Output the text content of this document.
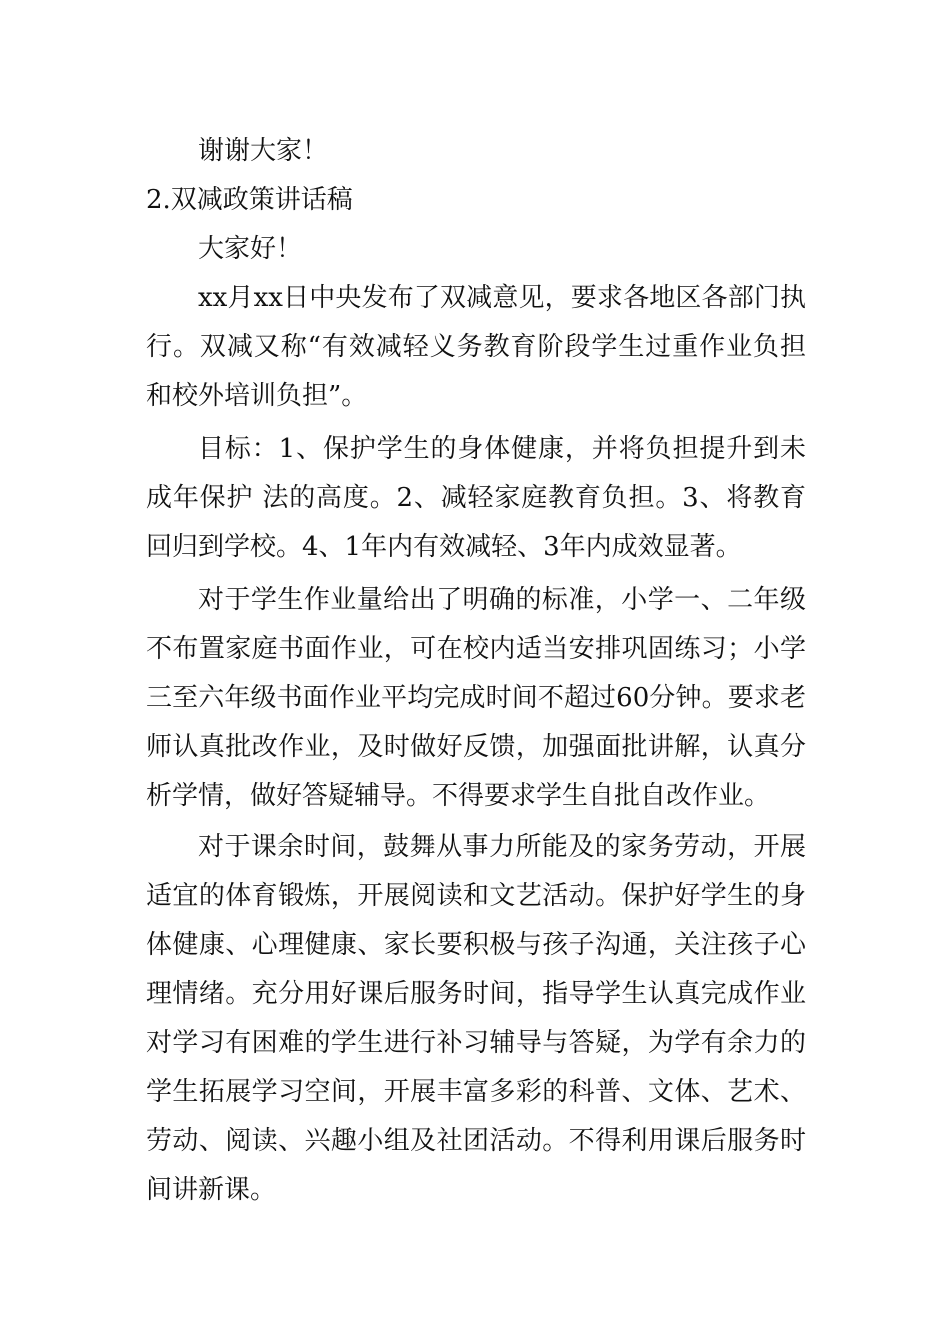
谢谢大家！

2.双减政策讲话稿

大家好！

xx月xx日中央发布了双减意见，要求各地区各部门执行。双减又称“有效减轻义务教育阶段学生过重作业负担和校外培训负担”。

目标：1、保护学生的身体健康，并将负担提升到未成年保护 法的高度。2、减轻家庭教育负担。3、将教育回归到学校。4、1年内有效减轻、3年内成效显著。

对于学生作业量给出了明确的标准，小学一、二年级不布置家庭书面作业，可在校内适当安排巩固练习；小学三至六年级书面作业平均完成时间不超过60分钟。要求老师认真批改作业，及时做好反馈，加强面批讲解，认真分析学情，做好答疑辅导。不得要求学生自批自改作业。

对于课余时间，鼓舞从事力所能及的家务劳动，开展适宜的体育锻炼，开展阅读和文艺活动。保护好学生的身体健康、心理健康、家长要积极与孩子沟通，关注孩子心理情绪。充分用好课后服务时间，指导学生认真完成作业对学习有困难的学生进行补习辅导与答疑，为学有余力的学生拓展学习空间，开展丰富多彩的科普、文体、艺术、劳动、阅读、兴趣小组及社团活动。不得利用课后服务时间讲新课。
